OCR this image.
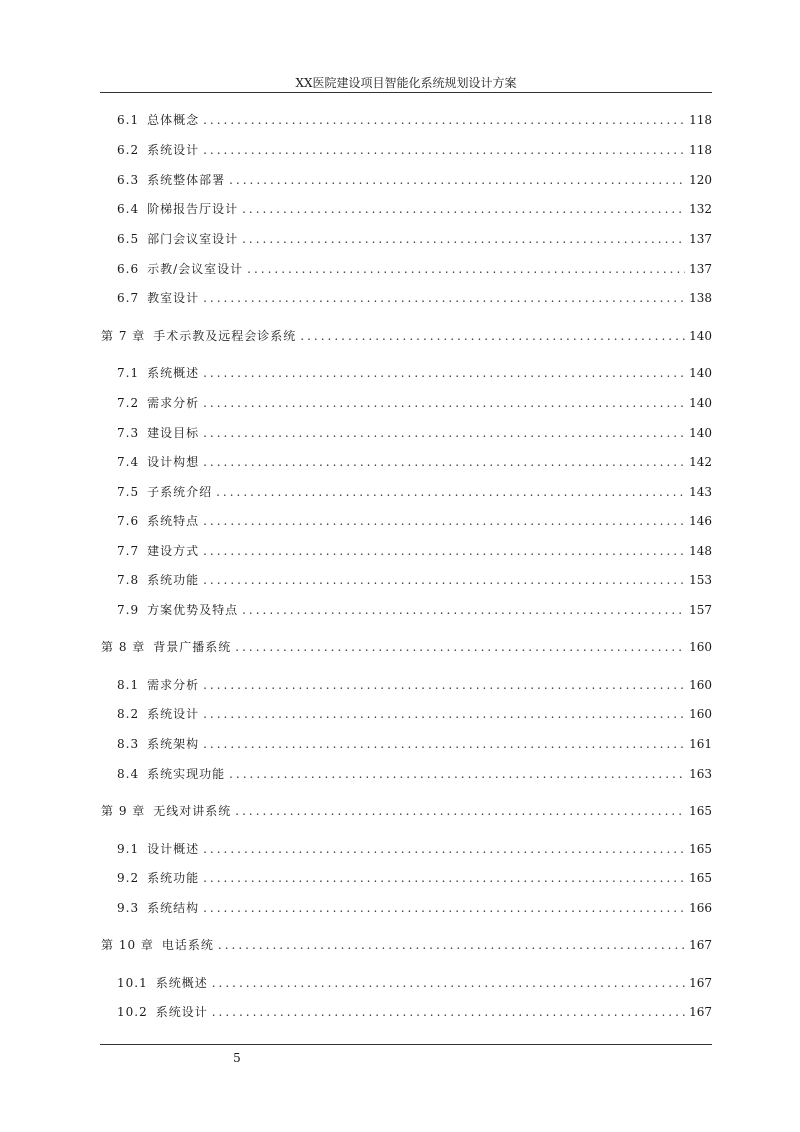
XX医院建设项目智能化系统规划设计方案
6.1 总体概念 .....	118
6.2 系统设计 .....	118
6.3 系统整体部署 .....	120
6.4 阶梯报告厅设计 .....	132
6.5 部门会议室设计 .....	137
6.6 示教/会议室设计 .....	137
6.7 教室设计 .....	138
第 7 章 手术示教及远程会诊系统 .....	140
7.1 系统概述 .....	140
7.2 需求分析 .....	140
7.3 建设目标 .....	140
7.4 设计构想 .....	142
7.5 子系统介绍 .....	143
7.6 系统特点 .....	146
7.7 建设方式 .....	148
7.8 系统功能 .....	153
7.9 方案优势及特点 .....	157
第 8 章 背景广播系统 .....	160
8.1 需求分析 .....	160
8.2 系统设计 .....	160
8.3 系统架构 .....	161
8.4 系统实现功能 .....	163
第 9 章 无线对讲系统 .....	165
9.1 设计概述 .....	165
9.2 系统功能 .....	165
9.3 系统结构 .....	166
第 10 章 电话系统 .....	167
10.1 系统概述 .....	167
10.2 系统设计 .....	167
5
